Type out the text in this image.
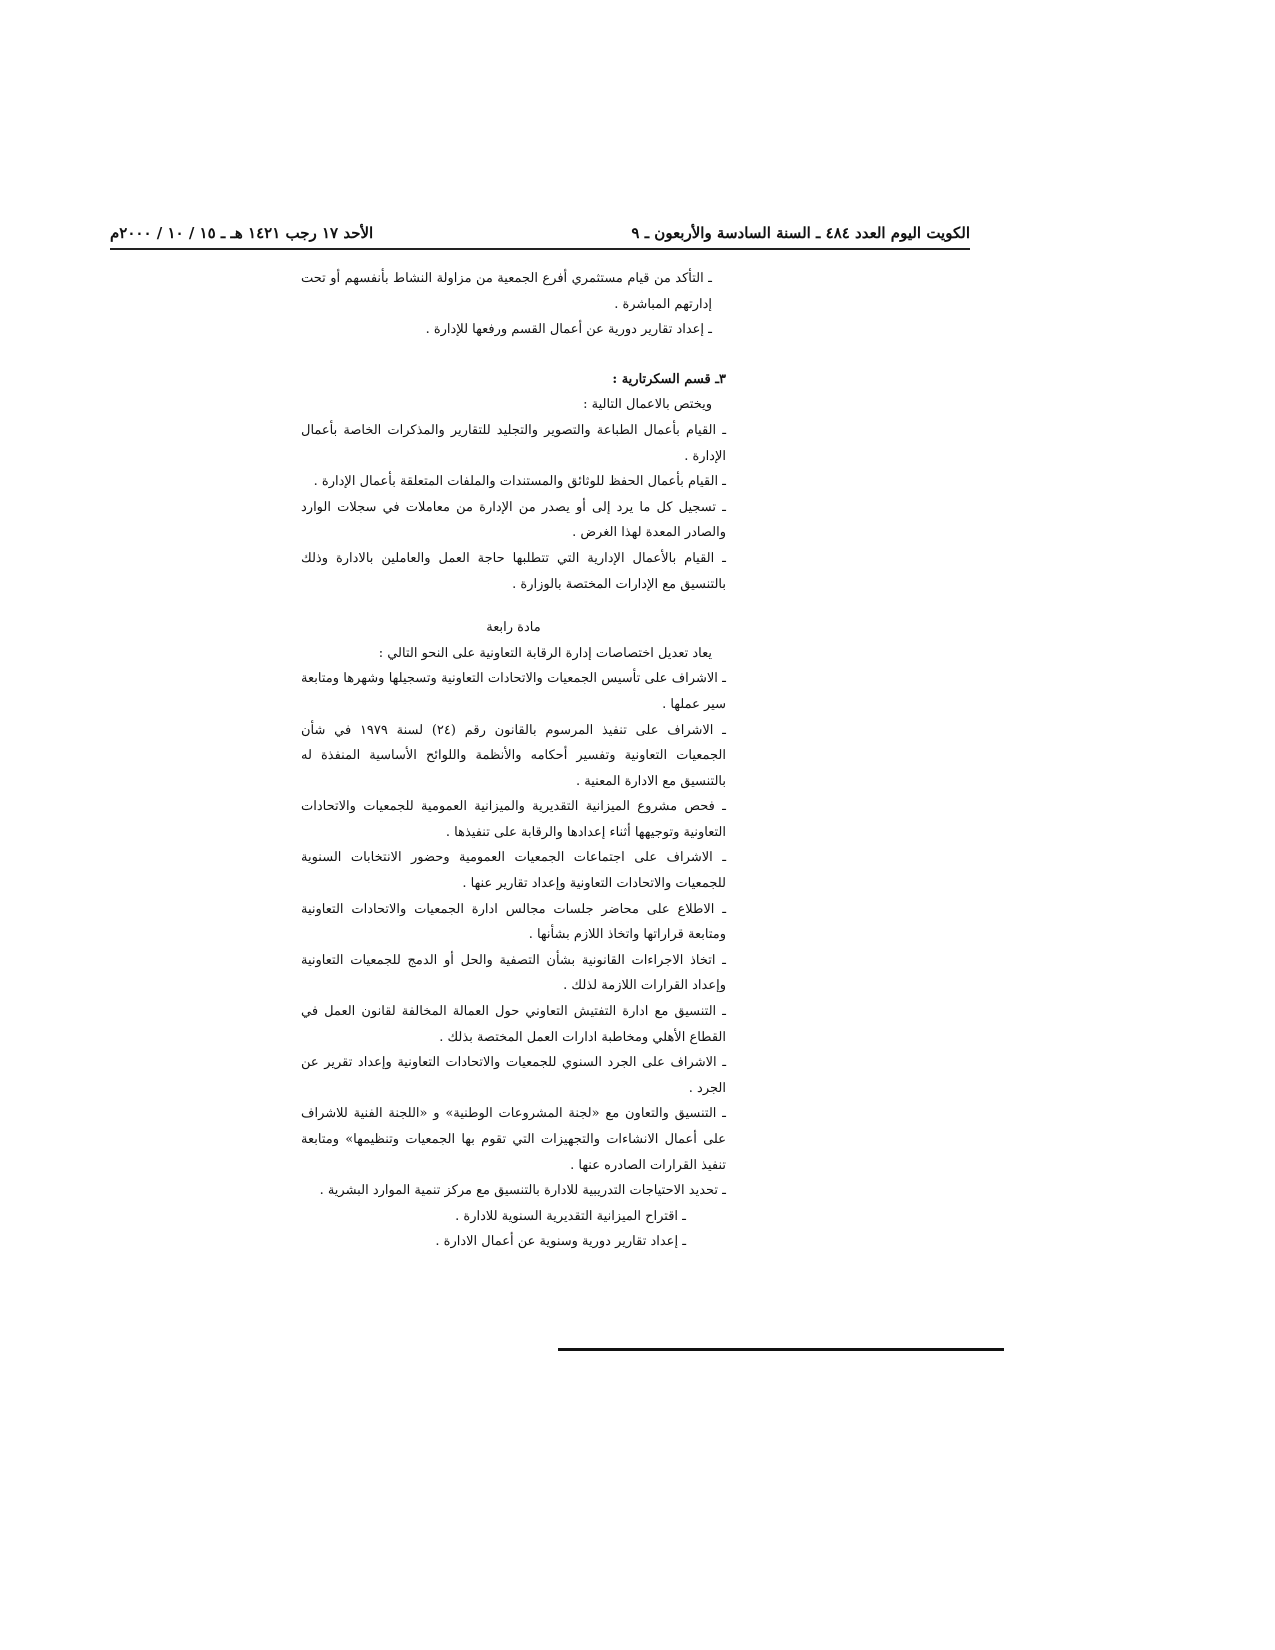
الكويت اليوم العدد ٤٨٤ ـ السنة السادسة والأربعون ـ ٩
الأحد ١٧ رجب ١٤٢١ هـ ـ ١٥ / ١٠ / ٢٠٠٠م

ـ التأكد من قيام مستثمري أفرع الجمعية من مزاولة النشاط بأنفسهم أو تحت إدارتهم المباشرة .

ـ إعداد تقارير دورية عن أعمال القسم ورفعها للإدارة .

٣ـ قسم السكرتارية :

ويختص بالاعمال التالية :

ـ القيام بأعمال الطباعة والتصوير والتجليد للتقارير والمذكرات الخاصة بأعمال الإدارة .

ـ القيام بأعمال الحفظ للوثائق والمستندات والملفات المتعلقة بأعمال الإدارة .

ـ تسجيل كل ما يرد إلى أو يصدر من الإدارة من معاملات في سجلات الوارد والصادر المعدة لهذا الغرض .

ـ القيام بالأعمال الإدارية التي تتطلبها حاجة العمل والعاملين بالادارة وذلك بالتنسيق مع الإدارات المختصة بالوزارة .

مادة رابعة

يعاد تعديل اختصاصات إدارة الرقابة التعاونية على النحو التالي :

ـ الاشراف على تأسيس الجمعيات والاتحادات التعاونية وتسجيلها وشهرها ومتابعة سير عملها .

ـ الاشراف على تنفيذ المرسوم بالقانون رقم (٢٤) لسنة ١٩٧٩ في شأن الجمعيات التعاونية وتفسير أحكامه والأنظمة واللوائح الأساسية المنفذة له بالتنسيق مع الادارة المعنية .

ـ فحص مشروع الميزانية التقديرية والميزانية العمومية للجمعيات والاتحادات التعاونية وتوجيهها أثناء إعدادها والرقابة على تنفيذها .

ـ الاشراف على اجتماعات الجمعيات العمومية وحضور الانتخابات السنوية للجمعيات والاتحادات التعاونية وإعداد تقارير عنها .

ـ الاطلاع على محاضر جلسات مجالس ادارة الجمعيات والاتحادات التعاونية ومتابعة قراراتها واتخاذ اللازم بشأنها .

ـ اتخاذ الاجراءات القانونية بشأن التصفية والحل أو الدمج للجمعيات التعاونية وإعداد القرارات اللازمة لذلك .

ـ التنسيق مع ادارة التفتيش التعاوني حول العمالة المخالفة لقانون العمل في القطاع الأهلي ومخاطبة ادارات العمل المختصة بذلك .

ـ الاشراف على الجرد السنوي للجمعيات والاتحادات التعاونية وإعداد تقرير عن الجرد .

ـ التنسيق والتعاون مع «لجنة المشروعات الوطنية» و «اللجنة الفنية للاشراف على أعمال الانشاءات والتجهيزات التي تقوم بها الجمعيات وتنظيمها» ومتابعة تنفيذ القرارات الصادره عنها .

ـ تحديد الاحتياجات التدريبية للادارة بالتنسيق مع مركز تنمية الموارد البشرية .

ـ اقتراح الميزانية التقديرية السنوية للادارة .

ـ إعداد تقارير دورية وسنوية عن أعمال الادارة .
